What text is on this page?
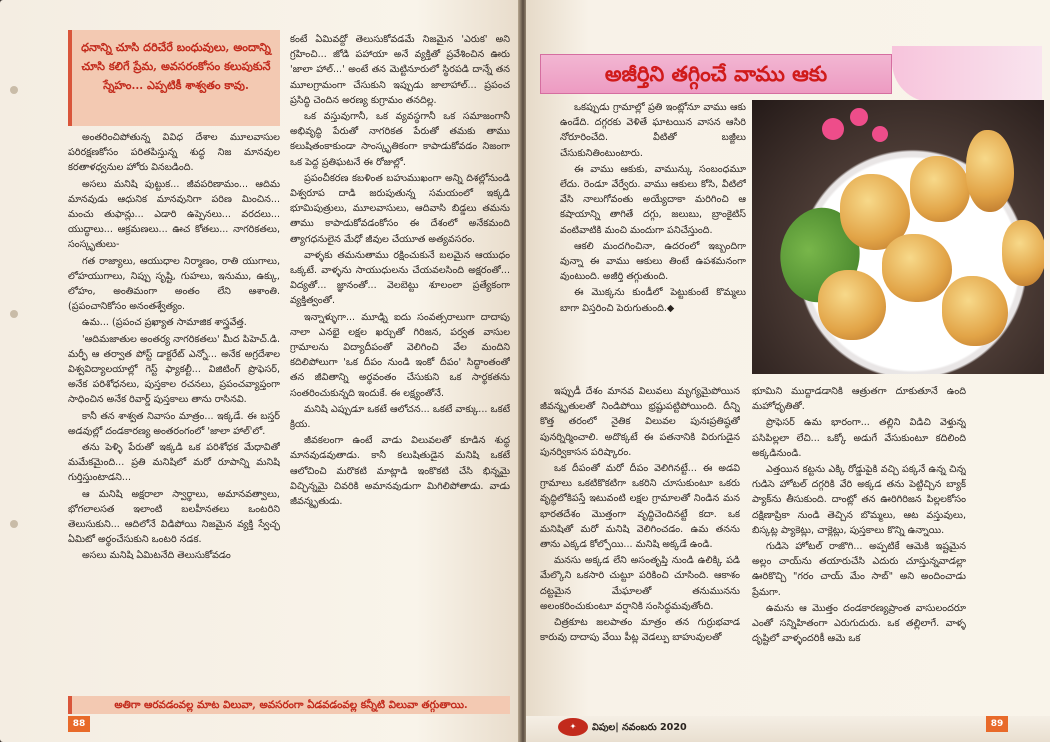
ధనాన్ని చూసి దరిచేరే బంధువులు, అందాన్ని చూసి కలిగే ప్రేమ, అవసరంకోసం కలుపుకునే స్నేహం... ఎప్పటికీ శాశ్వతం కావు.

అంతరించిపోతున్న వివిధ దేశాల మూలవాసుల పరిరక్షణకోసం పరితపిస్తున్న శుద్ధ నిజ మానవుల కరతాళధ్వనుల హోరు వినబడింది.

అసలు మనిషి పుట్టుక... జీవపరిణామం... ఆదిమ మానవుడు ఆధునిక మానవునిగా పరిణ మించిన... మంచు తుఫాన్లు... ఎడారి ఉప్పెనలు... వరదలు... యుద్ధాలు... ఆక్రమణలు... ఊచ కోతలు... నాగరికతలు, సంస్కృతులు-

గత రాజ్యాలు, ఆయుధాల నిర్మాణం, రాతి యుగాలు, లోహయుగాలు, నిప్పు సృష్టి, గుహలు, ఇనుము, ఉక్కు, లోహం, అంతిమంగా అంతం లేని ఆశాంతి. (ప్రపంచానికోసం అనంతశ్వేత్యం.

ఉమ... (ప్రపంచ ప్రఖ్యాత సామాజిక శాస్త్రవేత్త.

'ఆదిమజాతుల అంతర్య నాగరికతలు' మీద పిహెచ్.డి. మర్ఫీ ఆ తర్వాత పోస్ట్ డాక్టరేట్ ఎన్నో... అనేక అగ్రదేశాల విశ్వవిద్యాలయాల్లో గెస్ట్ ఫ్యాకల్టీ... విజిటింగ్ ప్రొఫెసర్, అనేక పరిశోధనలు, పుస్తకాల రచనలు, ప్రపంచవ్యాప్తంగా సాధించిన అనేక రివార్డ్ పుస్తకాలు తాను రాసినవి.

కానీ తన శాశ్వత నివాసం మాత్రం... ఇక్కడే. ఈ బస్తర్ అడవుల్లో దండకారణ్య అంతరంగంలో 'జాలా హాల్'లో.

తను పెళ్ళి పేరుతో ఇక్కడి ఒక పరిశోధక మేధావితో మమేకమైంది... ప్రతి మనిషిలో మరో రూపాన్ని మనిషి గుర్తిస్తుంటాడని...

ఆ మనిషి అక్షరాలా స్వార్థాలు, అమానవత్వాలు, భోగలాలసత ఇలాంటి బలహీనతలు ఒంటరిని తెలుసుకుని... ఆదిలోనే విడిపోయి నిజమైన వ్యక్తి స్వేచ్ఛ ఏమిటో అర్థంచేసుకుని ఒంటరి నడక.

అసలు మనిషి ఏమిటనేది తెలుసుకోవడం

కంటే ఏమివద్దో తెలుసుకోవడమే నిజమైన 'ఎరుక' అని గ్రహించి... జోడి పహాయా అనే వ్యక్తితో ప్రవేశించిన ఊరు 'జాలా హాల్...' అంటే తన మెట్టినూరులో స్థిరపడి దాన్నే తన మూలగ్రామంగా చేసుకుని ఇప్పుడు జాలాహాల్... ప్రపంచ ప్రసిద్ధి చెందిన అరణ్య కుగ్రామం తనదిల్ల.

ఒక వస్తువుగానీ, ఒక వ్యవస్థగానీ ఒక సమాజంగానీ అభివృద్ధి పేరుతో నాగరికత పేరుతో తమకు తాము కలుషితంకాకుండా సాంస్కృతికంగా కాపాడుకోవడం నిజంగా ఒక పెద్ద ప్రతిఘటనే ఈ రోజుల్లో.

ప్రపంచీకరణ కబళింత బహుముఖంగా అన్ని దిశల్లోనుండి విశ్వరూప దాడి జరుపుతున్న సమయంలో ఇక్కడి భూమిపుత్రులు, మూలవాసులు, ఆదివాసి బిడ్డలు తమను తాము కాపాడుకోవడంకోసం ఈ దేశంలో అనేకమంది త్యాగధనులైన మేధో జీవుల చేయూత అత్యవసరం.

వాళ్ళకు తమనుతాము రక్షించుకునే బలమైన ఆయుధం ఒక్కటే. వాళ్ళను సాయుధులను చేయవలసింది అక్షరంతో... విద్యతో... జ్ఞానంతో... వెలబెట్టు శూలంలా ప్రత్యేకంగా వ్యక్తిత్వంతో.

ఇన్నాళ్ళుగా... మూఢ్ని ఐదు సంవత్సరాలుగా దాదాపు నాలా ఎనభై లక్షల ఖర్చుతో గిరిజన, పర్వత వాసుల గ్రామాలను విద్యాదీపంతో వెలిగించి వేల మందిని కదిలిపోలుగా 'ఒక దీపం నుండి ఇంకో దీపం' సిద్ధాంతంతో తన జీవితాన్ని అర్థవంతం చేసుకుని ఒక సార్థకతను సంతరించుకున్నది ఇందుకే. ఈ లక్ష్యంతోనే.

మనిషి ఎప్పుడూ ఒకటే ఆలోచన... ఒకటే వాక్కు... ఒకటే క్రియ.

జీవకలంగా ఉంటే వాడు విలువలతో కూడిన శుద్ధ మానవుడవుతాడు. కానీ కలుషితుడైన మనిషి ఒకటే ఆలోచించి మరొకటి మాట్లాడి ఇంకొకటి చేసి భిన్నమై విచ్ఛిన్నమై చివరికి అమానవుడుగా మిగిలిపోతాడు. వాడు జీవన్మృతుడు.

అతిగా ఆరవడంవల్ల మాట విలువా, అవసరంగా ఏడవడంవల్ల కన్నీటి విలువా తగ్గుతాయి.
88
అజీర్తిని తగ్గించే వాము ఆకు

ఒకప్పుడు గ్రామాల్లో ప్రతి ఇంట్లోనూ వాము ఆకు ఉండేది. దగ్గరకు వెళితే ఘాటయిన వాసన ఆసిరి నోరూరించేది. వీటితో బజ్జీలు చేసుకునితింటుంటారు.

ఈ వాము ఆకుకు, వామున్కు సంబంధమూ లేదు. రెండూ వేర్వేరు. వాము ఆకులు కోసి, వీటిలో వేసి నాలుగోవంతు అయ్యేదాకా మరిగించి ఆ కషాయాన్ని తాగితే దగ్గు, జలుబు, బ్రాంకైటిస్ వంటివాటికి మంచి మందుగా పనిచేస్తుంది.

ఆకలి మందగించినా, ఉదరంలో ఇబ్బందిగా వున్నా ఈ వాము ఆకులు తింటే ఉపశమనంగా వుంటుంది. అజీర్తి తగ్గుతుంది.

ఈ మొక్కను కుండీలో పెట్టుకుంటే కొమ్మలు బాగా విస్తరించి పెరుగుతుంది.◆

ఇప్పుడీ దేశం మానవ విలువలు మృగ్యమైపోయిన జీవన్మృతులతో నిండిపోయి భ్రష్టుపట్టిపోయింది. దీన్ని కొత్త తరంలో నైతిక విలువల పునఃప్రతిష్ఠతో పునర్నిర్మించాలి. అదొక్కటే ఈ పతనానికి విరుగుడైన పునర్వికాసన పరిష్కారం.

ఒక దీపంతో మరో దీపం వెలిగినట్టే... ఈ అడవి గ్రామాలు ఒకటికొకటిగా ఒకరిని చూసుకుంటూ ఒకరు వృద్ధిలోకిపస్తే ఇటువంటి లక్షల గ్రామాలతో నిండిన మన భారతదేశం మొత్తంగా వృద్ధిచెందినట్టే కదా. ఒక మనిషితో మరో మనిషి వెలిగించడం. ఉమ తనను తాను ఎక్కడ కోల్పోయి... మనిషి అక్కడే ఉండి.

మనసు అక్కడ లేని అసంతృప్తి నుండి ఉలిక్కి పడి మేల్కొని ఒకసారి చుట్టూ పరికించి చూసింది. ఆకాశం దట్టమైన మేఘాలతో తనుమునను అలంకరించుకుంటూ వర్షానికి సంసిద్ధమవుతోంది.

చిత్రకూట జలపాతం మాత్రం తన గుర్రుభవాడ కారువు దాదాపు వేయి పీట్ల వెడల్పు బాహువులతో

భూమిని ముద్దాడడానికి ఆత్రుతగా దూకుతూనే ఉంది మహోధృతితో.

ప్రొఫెసర్ ఉమ భారంగా... తల్లిని విడిచి వెళ్తున్న పసిపిల్లలా లేచి... ఒక్కో అడుగే వేసుకుంటూ కదిలింది అక్కడినుండి.

ఎత్తయిన కట్టను ఎక్కి రోడ్డుపైకి వచ్చి పక్కనే ఉన్న చిన్న గుడిసె హోటల్ దగ్గరికి వేరి అక్కడ తను పెట్టిచ్చిన బ్యాక్ ప్యాక్‌ను తీసుకుంది. దాంట్లో తన ఊరిగిరిజన పిల్లలకోసం దక్షిణాప్రికా నుండి తెచ్చిన బొమ్మలు, ఆట వస్తువులు, బిస్కట్ల ప్యాకెట్లు, చాక్లెట్లు, పుస్తకాలు కొన్ని ఉన్నాయి.

గుడిసె హోటల్ రాజొగి... అప్పటికే ఆమెకి ఇష్టమైన అల్లం చాయ్‌ను తయారుచేసి ఎదురు చూస్తున్నవాడల్లా ఊరికొచ్చి "గరం చాయ్ మేం సాబ్" అని అందించాడు ప్రేమగా.

ఉమను ఆ మొత్తం దండకారణ్యప్రాంత వాసులందరూ ఎంతో సన్నిహితంగా ఎరుగుదురు. ఒక తల్లిలాగే. వాళ్ళ దృష్టిలో వాళ్ళందరికీ ఆమె ఒక

✦	విపుల| నవంబరు 2020	89
